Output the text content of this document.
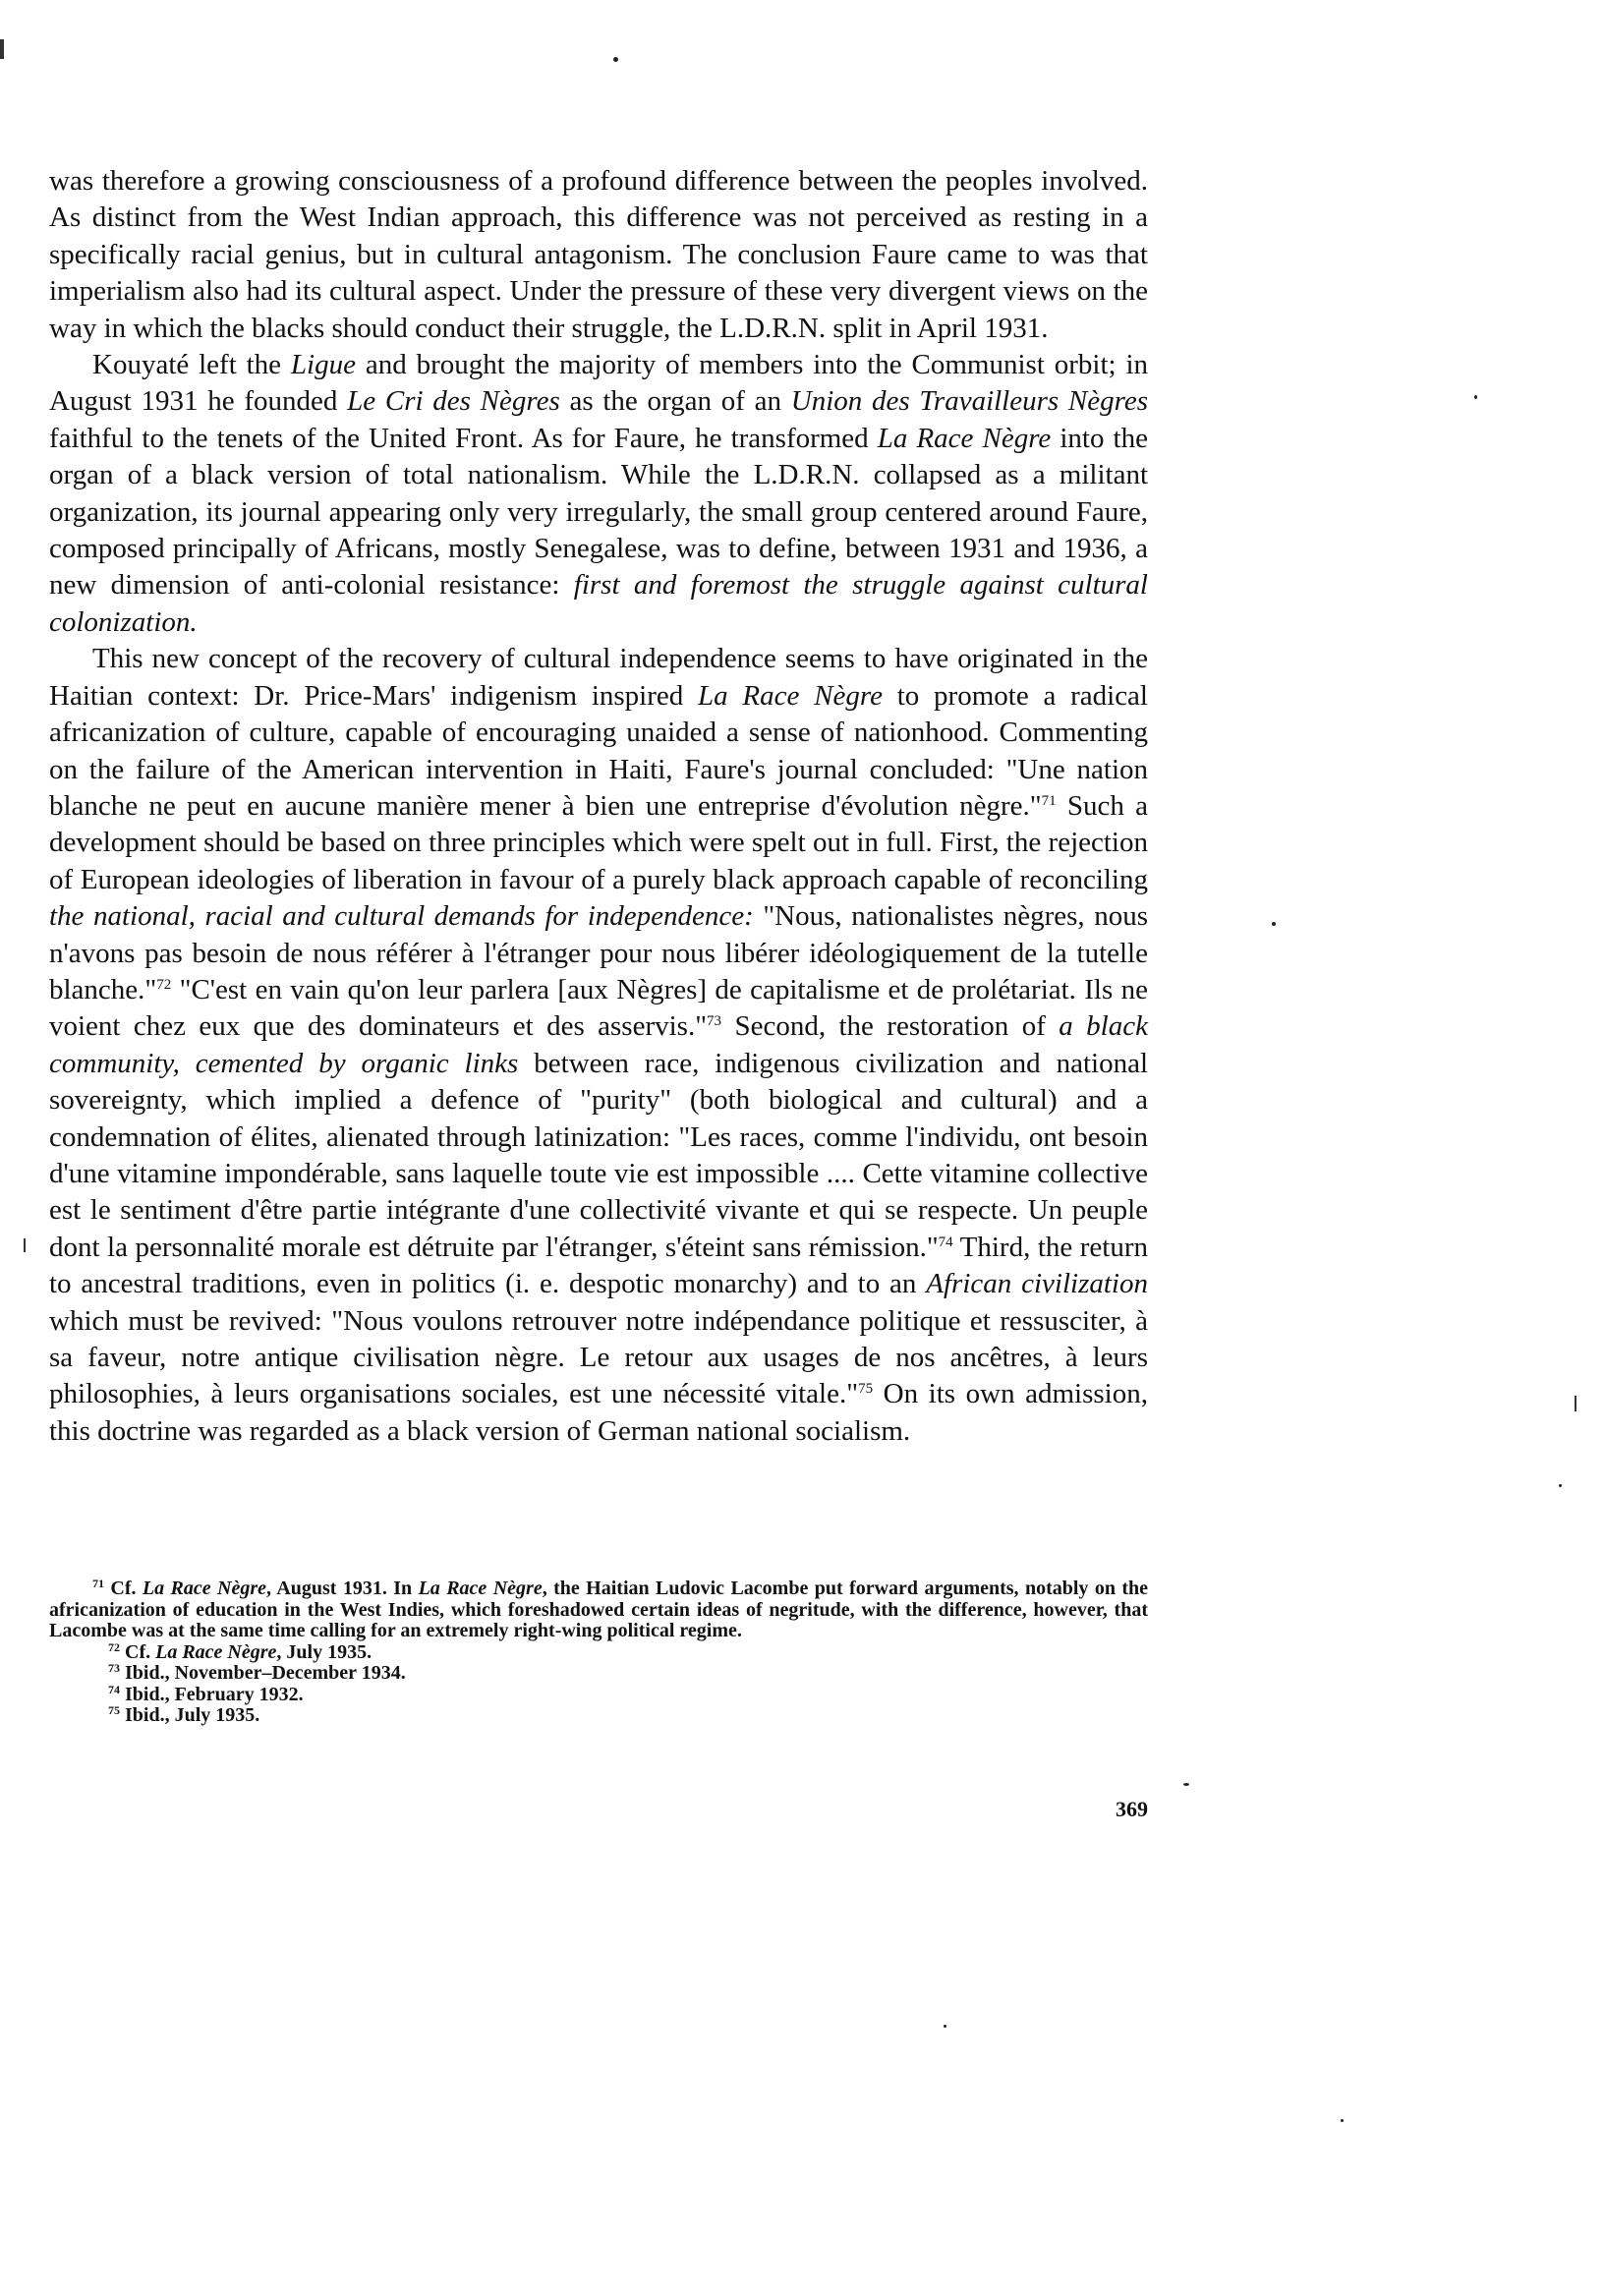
was therefore a growing consciousness of a profound difference between the peoples involved. As distinct from the West Indian approach, this difference was not perceived as resting in a specifically racial genius, but in cultural antagonism. The conclusion Faure came to was that imperialism also had its cultural aspect. Under the pressure of these very divergent views on the way in which the blacks should conduct their struggle, the L.D.R.N. split in April 1931.

Kouyaté left the Ligue and brought the majority of members into the Communist orbit; in August 1931 he founded Le Cri des Nègres as the organ of an Union des Travailleurs Nègres faithful to the tenets of the United Front. As for Faure, he transformed La Race Nègre into the organ of a black version of total nationalism. While the L.D.R.N. collapsed as a militant organization, its journal appearing only very irregularly, the small group centered around Faure, composed principally of Africans, mostly Senegalese, was to define, between 1931 and 1936, a new dimension of anti-colonial resistance: first and foremost the struggle against cultural colonization.

This new concept of the recovery of cultural independence seems to have originated in the Haitian context: Dr. Price-Mars' indigenism inspired La Race Nègre to promote a radical africanization of culture, capable of encouraging unaided a sense of nationhood. Commenting on the failure of the American intervention in Haiti, Faure's journal concluded: "Une nation blanche ne peut en aucune manière mener à bien une entreprise d'évolution nègre."$^{71}$ Such a development should be based on three principles which were spelt out in full. First, the rejection of European ideologies of liberation in favour of a purely black approach capable of reconciling the national, racial and cultural demands for independence: "Nous, nationalistes nègres, nous n'avons pas besoin de nous référer à l'étranger pour nous libérer idéologiquement de la tutelle blanche."$^{72}$ "C'est en vain qu'on leur parlera [aux Nègres] de capitalisme et de prolétariat. Ils ne voient chez eux que des dominateurs et des asservis."$^{73}$ Second, the restoration of a black community, cemented by organic links between race, indigenous civilization and national sovereignty, which implied a defence of "purity" (both biological and cultural) and a condemnation of élites, alienated through latinization: "Les races, comme l'individu, ont besoin d'une vitamine impondérable, sans laquelle toute vie est impossible .... Cette vitamine collective est le sentiment d'être partie intégrante d'une collectivité vivante et qui se respecte. Un peuple dont la personnalité morale est détruite par l'étranger, s'éteint sans rémission."$^{74}$ Third, the return to ancestral traditions, even in politics (i. e. despotic monarchy) and to an African civilization which must be revived: "Nous voulons retrouver notre indépendance politique et ressusciter, à sa faveur, notre antique civilisation nègre. Le retour aux usages de nos ancêtres, à leurs philosophies, à leurs organisations sociales, est une nécessité vitale."$^{75}$ On its own admission, this doctrine was regarded as a black version of German national socialism.

$^{71}$ Cf. La Race Nègre, August 1931. In La Race Nègre, the Haitian Ludovic Lacombe put forward arguments, notably on the africanization of education in the West Indies, which foreshadowed certain ideas of negritude, with the difference, however, that Lacombe was at the same time calling for an extremely right-wing political regime.

$^{72}$ Cf. La Race Nègre, July 1935.

$^{73}$ Ibid., November–December 1934.

$^{74}$ Ibid., February 1932.

$^{75}$ Ibid., July 1935.

369
